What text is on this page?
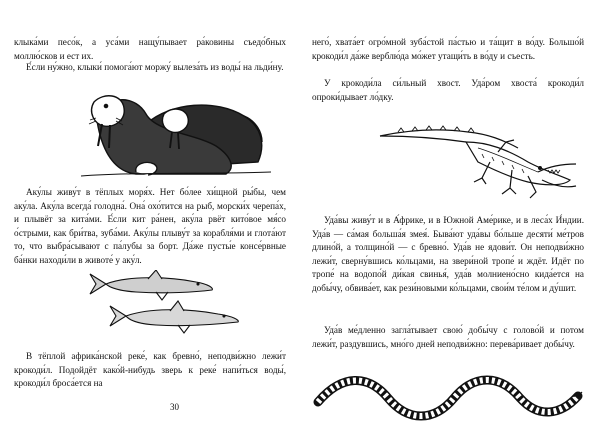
клыка́ми песо́к, а уса́ми нащу́пывает ра́ковины съедо́бных моллю́сков и ест их.

Е́сли ну́жно, клыки́ помога́ют моржу́ вылеза́ть из воды́ на льди́ну.

Аку́лы живу́т в тёплых моря́х. Нет бо́лее хи́щной ры́бы, чем аку́ла. Аку́ла всегда́ голодна́. Она́ охо́тится на рыб, морски́х черепа́х, и плывёт за кита́ми. Е́сли кит ра́нен, аку́ла рвёт кито́вое мя́со о́стрыми, как бри́тва, зуба́ми. Аку́лы плыву́т за корабля́ми и глота́ют то, что выбра́сывают с па́лубы за борт. Да́же пусты́е консе́рвные ба́нки находи́ли в животе́ у аку́л.

В тёплой африка́нской реке́, как бревно́, неподви́жно лежи́т крокоди́л. Подойдёт како́й-нибудь зверь к реке́ напи́ться воды́, крокоди́л броса́ется на

30

него́, хвата́ет огро́мной зуба́стой па́стью и та́щит в во́ду. Большо́й крокоди́л да́же верблю́да мо́жет утащи́ть в во́ду и съесть.

У крокоди́ла си́льный хвост. Уда́ром хвоста́ крокоди́л опроки́дывает ло́дку.

Уда́вы живу́т и в А́фрике, и в Южной Аме́рике, и в леса́х И́ндии. Уда́в — са́мая больша́я змея́. Быва́ют уда́вы бо́льше десяти́ ме́тров длино́й, а толщино́й — с бревно́. Уда́в не ядови́т. Он неподви́жно лежи́т, сверну́вшись ко́льцами, на звери́ной тропе́ и ждёт. Идёт по тропе́ на водопо́й ди́кая свинья́, уда́в молниено́сно кида́ется на добы́чу, обвива́ет, как рези́новыми ко́льцами, свои́м те́лом и ду́шит.

Уда́в ме́дленно загла́тывает свою́ добы́чу с голово́й и потом лежи́т, раздувшись, мно́го дней неподви́жно: перева́ривает добы́чу.
